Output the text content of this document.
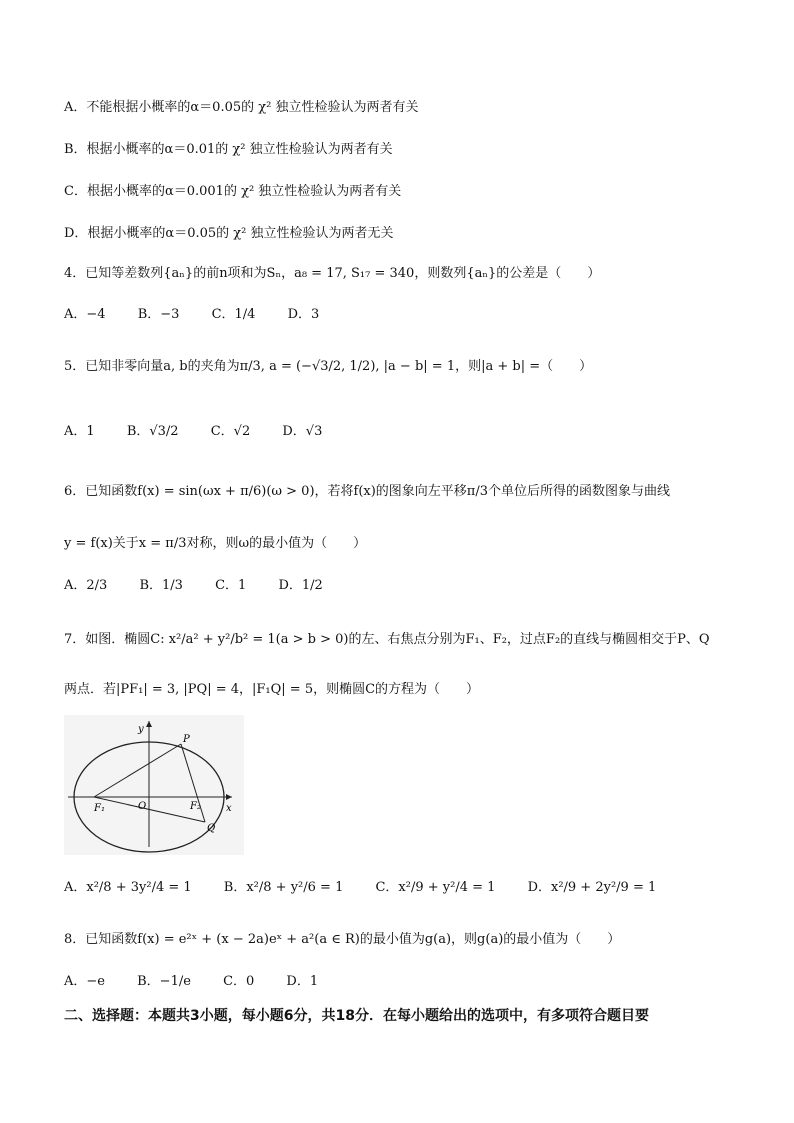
A．不能根据小概率的α＝0.05的 χ² 独立性检验认为两者有关
B．根据小概率的α＝0.01的 χ² 独立性检验认为两者有关
C．根据小概率的α＝0.001的 χ² 独立性检验认为两者有关
D．根据小概率的α＝0.05的 χ² 独立性检验认为两者无关
4．已知等差数列{aₙ}的前n项和为Sₙ，a₈ = 17, S₁₇ = 340，则数列{aₙ}的公差是（　　）
A．−4 B．−3 C．1/4 D．3
5．已知非零向量a, b的夹角为π/3, a = (−√3/2, 1/2), |a − b| = 1，则|a + b| =（　　）
A．1 B．√3/2 C．√2 D．√3
6．已知函数f(x) = sin(ωx + π/6)(ω > 0)，若将f(x)的图象向左平移π/3个单位后所得的函数图象与曲线
y = f(x)关于x = π/3对称，则ω的最小值为（　　）
A．2/3 B．1/3 C．1 D．1/2
7．如图．椭圆C: x²/a² + y²/b² = 1(a > b > 0)的左、右焦点分别为F₁、F₂，过点F₂的直线与椭圆相交于P、Q
两点．若|PF₁| = 3, |PQ| = 4，|F₁Q| = 5，则椭圆C的方程为（　　）
y
x
O
P
Q
F₁	F₂
A．x²/8 + 3y²/4 = 1 B．x²/8 + y²/6 = 1 C．x²/9 + y²/4 = 1 D．x²/9 + 2y²/9 = 1
8．已知函数f(x) = e²ˣ + (x − 2a)eˣ + a²(a ∈ R)的最小值为g(a)，则g(a)的最小值为（　　）
A．−e B．−1/e C．0 D．1
二、选择题：本题共3小题，每小题6分，共18分．在每小题给出的选项中，有多项符合题目要
